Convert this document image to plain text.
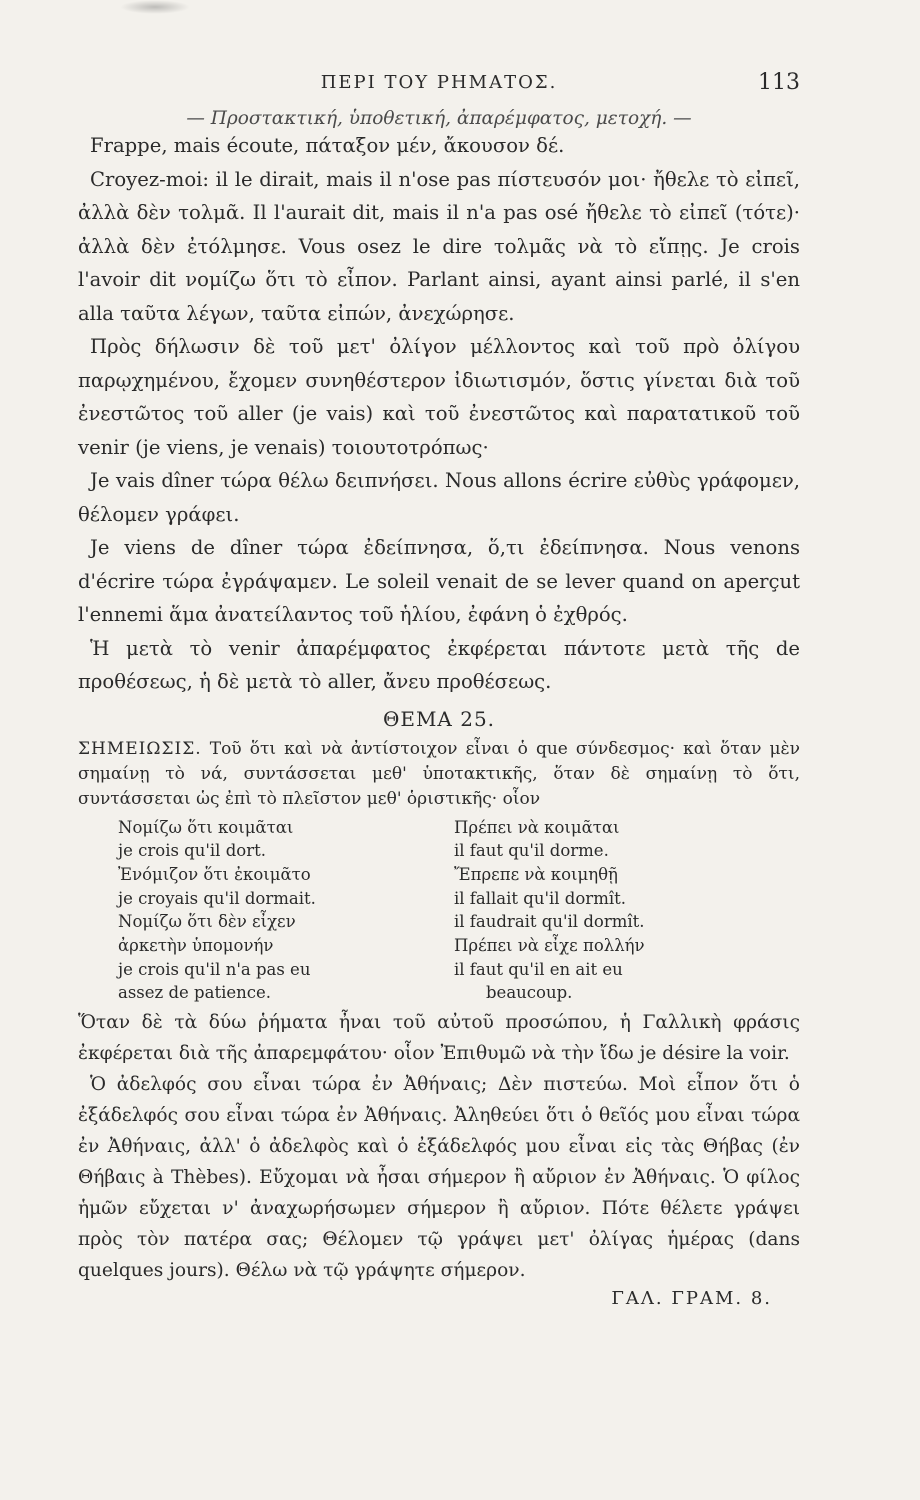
ΠΕΡΙ ΤΟΥ ΡΗΜΑΤΟΣ.	113
— Προστακτική, ὑποθετική, ἀπαρέμφατος, μετοχή. —

Frappe, mais écoute, πάταξον μέν, ἄκουσον δέ.

Croyez-moi: il le dirait, mais il n'ose pas πίστευσόν μοι· ἤθελε τὸ εἰπεῖ, ἀλλὰ δὲν τολμᾶ. Il l'aurait dit, mais il n'a pas osé ἤθελε τὸ εἰπεῖ (τότε)· ἀλλὰ δὲν ἐτόλμησε. Vous osez le dire τολμᾶς νὰ τὸ εἴπῃς. Je crois l'avoir dit νομίζω ὅτι τὸ εἶπον. Parlant ainsi, ayant ainsi parlé, il s'en alla ταῦτα λέγων, ταῦτα εἰπών, ἀνεχώρησε.

Πρὸς δήλωσιν δὲ τοῦ μετ' ὀλίγον μέλλοντος καὶ τοῦ πρὸ ὀλίγου παρῳχημένου, ἔχομεν συνηθέστερον ἰδιωτισμόν, ὅστις γίνεται διὰ τοῦ ἐνεστῶτος τοῦ aller (je vais) καὶ τοῦ ἐνεστῶτος καὶ παρατατικοῦ τοῦ venir (je viens, je venais) τοιουτοτρόπως·

Je vais dîner τώρα θέλω δειπνήσει. Nous allons écrire εὐθὺς γράφομεν, θέλομεν γράφει.

Je viens de dîner τώρα ἐδείπνησα, ὅ,τι ἐδείπνησα. Nous venons d'écrire τώρα ἐγράψαμεν. Le soleil venait de se lever quand on aperçut l'ennemi ἅμα ἀνατείλαντος τοῦ ἡλίου, ἐφάνη ὁ ἐχθρός.

Ἡ μετὰ τὸ venir ἀπαρέμφατος ἐκφέρεται πάντοτε μετὰ τῆς de προθέσεως, ἡ δὲ μετὰ τὸ aller, ἄνευ προθέσεως.

ΘΕΜΑ 25.

ΣΗΜΕΙΩΣΙΣ. Τοῦ ὅτι καὶ νὰ ἀντίστοιχον εἶναι ὁ que σύνδεσμος· καὶ ὅταν μὲν σημαίνῃ τὸ νά, συντάσσεται μεθ' ὑποτακτικῆς, ὅταν δὲ σημαίνῃ τὸ ὅτι, συντάσσεται ὡς ἐπὶ τὸ πλεῖστον μεθ' ὁριστικῆς· οἷον

Νομίζω ὅτι κοιμᾶται
je crois qu'il dort.
Ἐνόμιζον ὅτι ἐκοιμᾶτο
je croyais qu'il dormait.
Νομίζω ὅτι δὲν εἶχεν
ἀρκετὴν ὑπομονήν
je crois qu'il n'a pas eu
assez de patience.
Πρέπει νὰ κοιμᾶται
il faut qu'il dorme.
Ἔπρεπε νὰ κοιμηθῇ
il fallait qu'il dormît.
il faudrait qu'il dormît.
Πρέπει νὰ εἶχε πολλήν
il faut qu'il en ait eu
beaucoup.

Ὅταν δὲ τὰ δύω ῥήματα ἦναι τοῦ αὐτοῦ προσώπου, ἡ Γαλλικὴ φράσις ἐκφέρεται διὰ τῆς ἀπαρεμφάτου· οἷον Ἐπιθυμῶ νὰ τὴν ἴδω je désire la voir.

Ὁ ἀδελφός σου εἶναι τώρα ἐν Ἀθήναις; Δὲν πιστεύω. Μοὶ εἶπον ὅτι ὁ ἐξάδελφός σου εἶναι τώρα ἐν Ἀθήναις. Ἀληθεύει ὅτι ὁ θεῖός μου εἶναι τώρα ἐν Ἀθήναις, ἀλλ' ὁ ἀδελφὸς καὶ ὁ ἐξάδελφός μου εἶναι εἰς τὰς Θήβας (ἐν Θήβαις à Thèbes). Εὔχομαι νὰ ἦσαι σήμερον ἢ αὔριον ἐν Ἀθήναις. Ὁ φίλος ἡμῶν εὔχεται ν' ἀναχωρήσωμεν σήμερον ἢ αὔριον. Πότε θέλετε γράψει πρὸς τὸν πατέρα σας; Θέλομεν τῷ γράψει μετ' ὀλίγας ἡμέρας (dans quelques jours). Θέλω νὰ τῷ γράψητε σήμερον.

ΓΑΛ. ΓΡΑΜ. 8.
